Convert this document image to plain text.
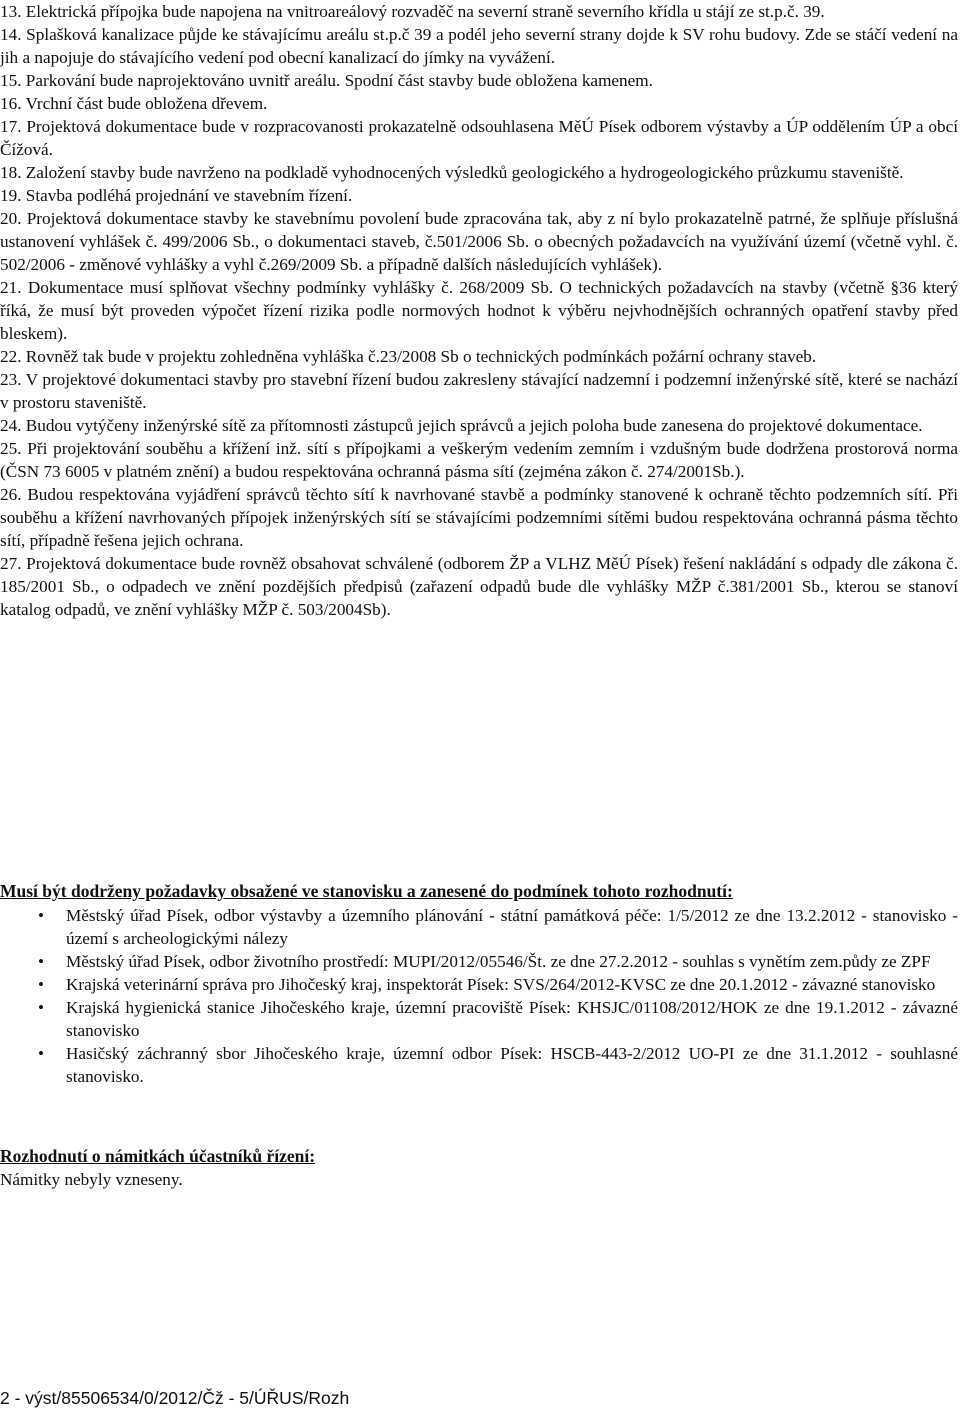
13. Elektrická přípojka bude napojena na vnitroareálový rozvaděč na severní straně severního křídla u stájí ze st.p.č. 39.

14. Splašková kanalizace půjde ke stávajícímu areálu st.p.č 39 a podél jeho severní strany dojde k SV rohu budovy. Zde se stáčí vedení na jih a napojuje do stávajícího vedení pod obecní kanalizací do jímky na vyvážení.

15. Parkování bude naprojektováno uvnitř areálu. Spodní část stavby bude obložena kamenem.

16. Vrchní část bude obložena dřevem.

17. Projektová dokumentace bude v rozpracovanosti prokazatelně odsouhlasena MěÚ Písek odborem výstavby a ÚP oddělením ÚP a obcí Čížová.

18. Založení stavby bude navrženo na podkladě vyhodnocených výsledků geologického a hydrogeologického průzkumu staveniště.

19. Stavba podléhá projednání ve stavebním řízení.

20. Projektová dokumentace stavby ke stavebnímu povolení bude zpracována tak, aby z ní bylo prokazatelně patrné, že splňuje příslušná ustanovení vyhlášek č. 499/2006 Sb., o dokumentaci staveb, č.501/2006 Sb. o obecných požadavcích na využívání území (včetně vyhl. č. 502/2006 - změnové vyhlášky a vyhl č.269/2009 Sb. a případně dalších následujících vyhlášek).

21. Dokumentace musí splňovat všechny podmínky vyhlášky č. 268/2009 Sb. O technických požadavcích na stavby (včetně §36 který říká, že musí být proveden výpočet řízení rizika podle normových hodnot k výběru nejvhodnějších ochranných opatření stavby před bleskem).

22. Rovněž tak bude v projektu zohledněna vyhláška č.23/2008 Sb o technických podmínkách požární ochrany staveb.

23. V projektové dokumentaci stavby pro stavební řízení budou zakresleny stávající nadzemní i podzemní inženýrské sítě, které se nachází v prostoru staveniště.

24. Budou vytýčeny inženýrské sítě za přítomnosti zástupců jejich správců a jejich poloha bude zanesena do projektové dokumentace.

25. Při projektování souběhu a křížení inž. sítí s přípojkami a veškerým vedením zemním i vzdušným bude dodržena prostorová norma (ČSN 73 6005 v platném znění) a budou respektována ochranná pásma sítí (zejména zákon č. 274/2001Sb.).

26. Budou respektována vyjádření správců těchto sítí k navrhované stavbě a podmínky stanovené k ochraně těchto podzemních sítí. Při souběhu a křížení navrhovaných přípojek inženýrských sítí se stávajícími podzemními sítěmi budou respektována ochranná pásma těchto sítí, případně řešena jejich ochrana.

27. Projektová dokumentace bude rovněž obsahovat schválené (odborem ŽP a VLHZ MěÚ Písek) řešení nakládání s odpady dle zákona č. 185/2001 Sb., o odpadech ve znění pozdějších předpisů (zařazení odpadů bude dle vyhlášky MŽP č.381/2001 Sb., kterou se stanoví katalog odpadů, ve znění vyhlášky MŽP č. 503/2004Sb).

Musí být dodrženy požadavky obsažené ve stanovisku a zanesené do podmínek tohoto rozhodnutí:
• Městský úřad Písek, odbor výstavby a územního plánování - státní památková péče: 1/5/2012 ze dne 13.2.2012 - stanovisko - území s archeologickými nálezy
• Městský úřad Písek, odbor životního prostředí: MUPI/2012/05546/Št. ze dne 27.2.2012 - souhlas s vynětím zem.půdy ze ZPF
• Krajská veterinární správa pro Jihočeský kraj, inspektorát Písek: SVS/264/2012-KVSC ze dne 20.1.2012 - závazné stanovisko
• Krajská hygienická stanice Jihočeského kraje, územní pracoviště Písek: KHSJC/01108/2012/HOK ze dne 19.1.2012 - závazné stanovisko
• Hasičský záchranný sbor Jihočeského kraje, územní odbor Písek: HSCB-443-2/2012 UO-PI ze dne 31.1.2012 - souhlasné stanovisko.
Rozhodnutí o námitkách účastníků řízení:
Námitky nebyly vzneseny.
2 - výst/85506534/0/2012/Čž - 5/ÚŘUS/Rozh
